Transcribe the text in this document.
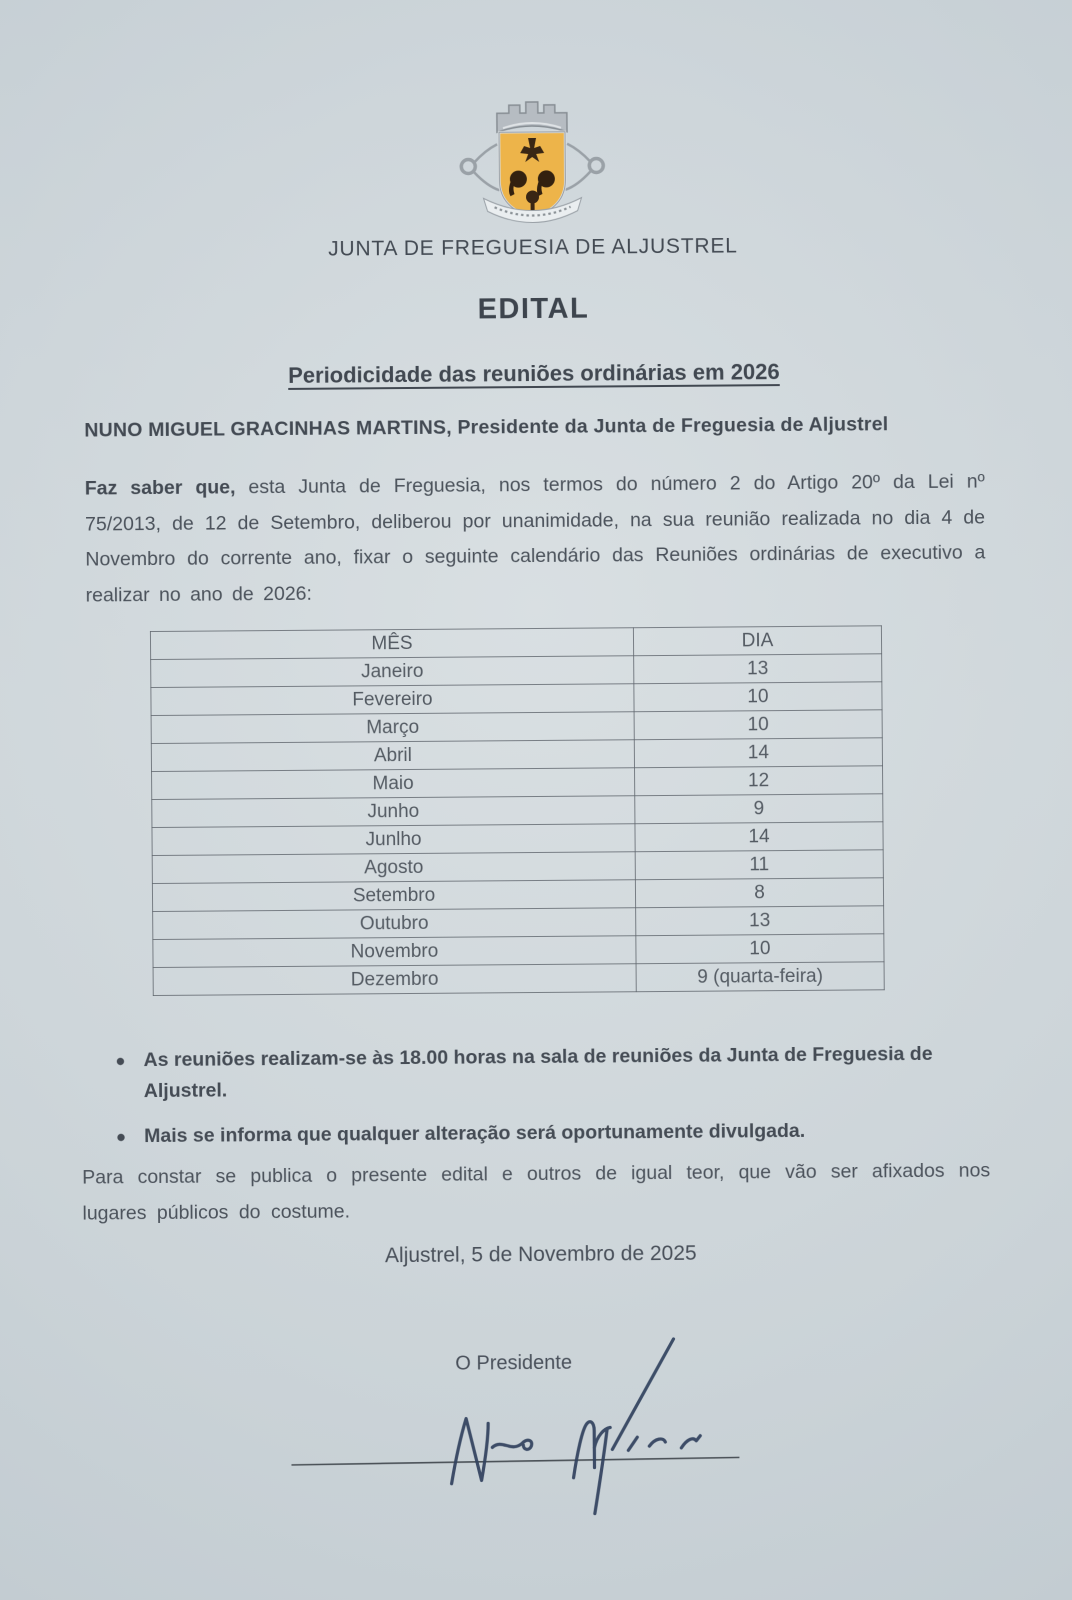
JUNTA DE FREGUESIA DE ALJUSTREL
EDITAL
Periodicidade das reuniões ordinárias em 2026

NUNO MIGUEL GRACINHAS MARTINS, Presidente da Junta de Freguesia de Aljustrel

Faz saber que, esta Junta de Freguesia, nos termos do número 2 do Artigo 20º da Lei nº 75/2013, de 12 de Setembro, deliberou por unanimidade, na sua reunião realizada no dia 4 de Novembro do corrente ano, fixar o seguinte calendário das Reuniões ordinárias de executivo a realizar no ano de 2026:

MÊS	DIA
Janeiro	13
Fevereiro	10
Março	10
Abril	14
Maio	12
Junho	9
Junlho	14
Agosto	11
Setembro	8
Outubro	13
Novembro	10
Dezembro	9 (quarta-feira)
● As reuniões realizam-se às 18.00 horas na sala de reuniões da Junta de Freguesia de Aljustrel.
● Mais se informa que qualquer alteração será oportunamente divulgada.

Para constar se publica o presente edital e outros de igual teor, que vão ser afixados nos lugares públicos do costume.

Aljustrel, 5 de Novembro de 2025
O Presidente
